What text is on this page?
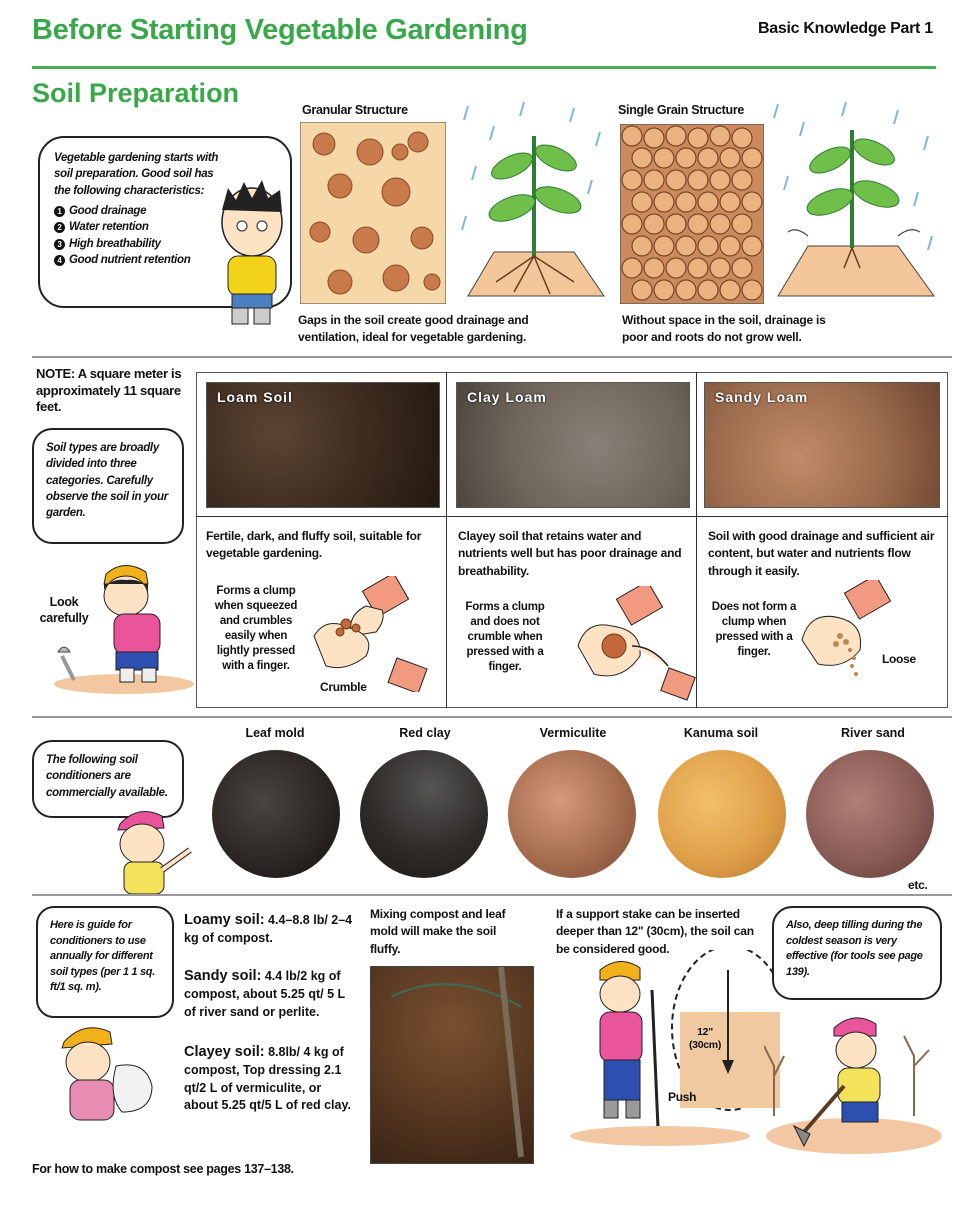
Before Starting Vegetable Gardening	Basic Knowledge Part 1
Soil Preparation
Vegetable gardening starts with soil preparation. Good soil has the following characteristics:
Good drainage
Water retention
High breathability
Good nutrient retention
Granular Structure
Gaps in the soil create good drainage and ventilation, ideal for vegetable gardening.
Single Grain Structure
Without space in the soil, drainage is poor and roots do not grow well.
NOTE: A square meter is approximately 11 square feet.
Soil types are broadly divided into three categories. Carefully observe the soil in your garden.
Look carefully
Loam Soil	Clay Loam	Sandy Loam
Fertile, dark, and fluffy soil, suitable for vegetable gardening.
Clayey soil that retains water and nutrients well but has poor drainage and breathability.
Soil with good drainage and sufficient air content, but water and nutrients flow through it easily.
Forms a clump when squeezed and crumbles easily when lightly pressed with a finger.
Forms a clump and does not crumble when pressed with a finger.
Does not form a clump when pressed with a finger.
Crumble
Loose
The following soil conditioners are commercially available.
Leaf mold	Red clay	Vermiculite	Kanuma soil	River sand
etc.
Here is guide for conditioners to use annually for different soil types (per 1 1 sq. ft/1 sq. m).
Loamy soil: 4.4–8.8 lb/ 2–4 kg of compost.
Sandy soil: 4.4 lb/2 kg of compost, about 5.25 qt/ 5 L of river sand or perlite.
Clayey soil: 8.8lb/ 4 kg of compost, Top dressing 2.1 qt/2 L of vermiculite, or about 5.25 qt/5 L of red clay.
Mixing compost and leaf mold will make the soil fluffy.
If a support stake can be inserted deeper than 12" (30cm), the soil can be considered good.
12" (30cm)
Push
Also, deep tilling during the coldest season is very effective (for tools see page 139).
For how to make compost see pages 137–138.
